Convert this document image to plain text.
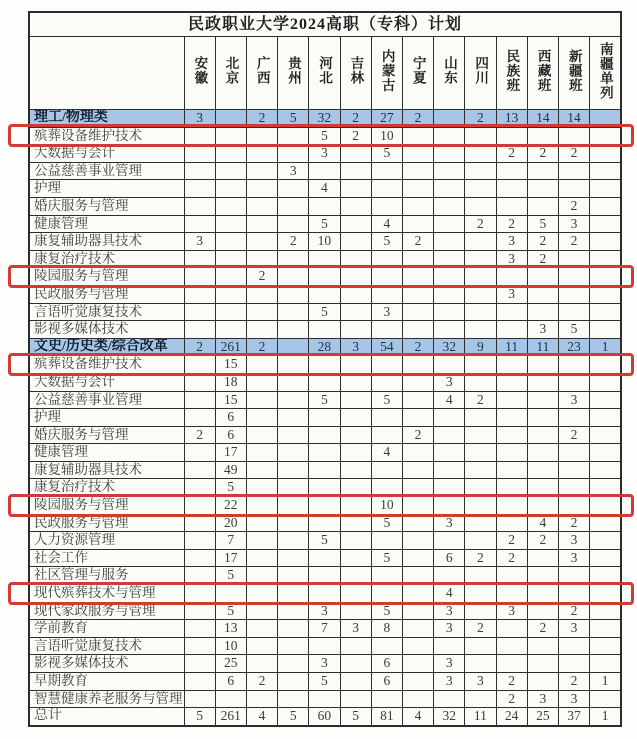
民政职业大学2024高职（专科）计划														
	安徽	北京	广西	贵州	河北	吉林	内蒙古	宁夏	山东	四川	民族班	西藏班	新疆班	南疆单列
理工/物理类	3		2	5	32	2	27	2		2	13	14	14	
殡葬设备维护技术					5	2	10							
大数据与会计					3		5				2	2	2	
公益慈善事业管理				3										
护理					4									
婚庆服务与管理													2	
健康管理					5		4			2	2	5	3	
康复辅助器具技术	3			2	10		5	2			3	2	2	
康复治疗技术											3	2		
陵园服务与管理			2											
民政服务与管理											3			
言语听觉康复技术					5		3							
影视多媒体技术												3	5	
文史/历史类/综合改革	2	261	2		28	3	54	2	32	9	11	11	23	1
殡葬设备维护技术		15												
大数据与会计		18							3					
公益慈善事业管理		15			5		5		4	2			3	
护理		6												
婚庆服务与管理	2	6						2					2	
健康管理		17					4							
康复辅助器具技术		49												
康复治疗技术		5												
陵园服务与管理		22					10							
民政服务与管理		20					5		3			4	2	
人力资源管理		7			5						2	2	3	
社会工作		17					5		6	2	2		3	
社区管理与服务		5												
现代殡葬技术与管理									4					
现代家政服务与管理		5			3		5		3		3		2	
学前教育		13			7	3	8		3	2		2	3	
言语听觉康复技术		10												
影视多媒体技术		25			3		6		3					
早期教育		6	2		5		6		3	3	2		2	1
智慧健康养老服务与管理											2	3	3	
总计	5	261	4	5	60	5	81	4	32	11	24	25	37	1
